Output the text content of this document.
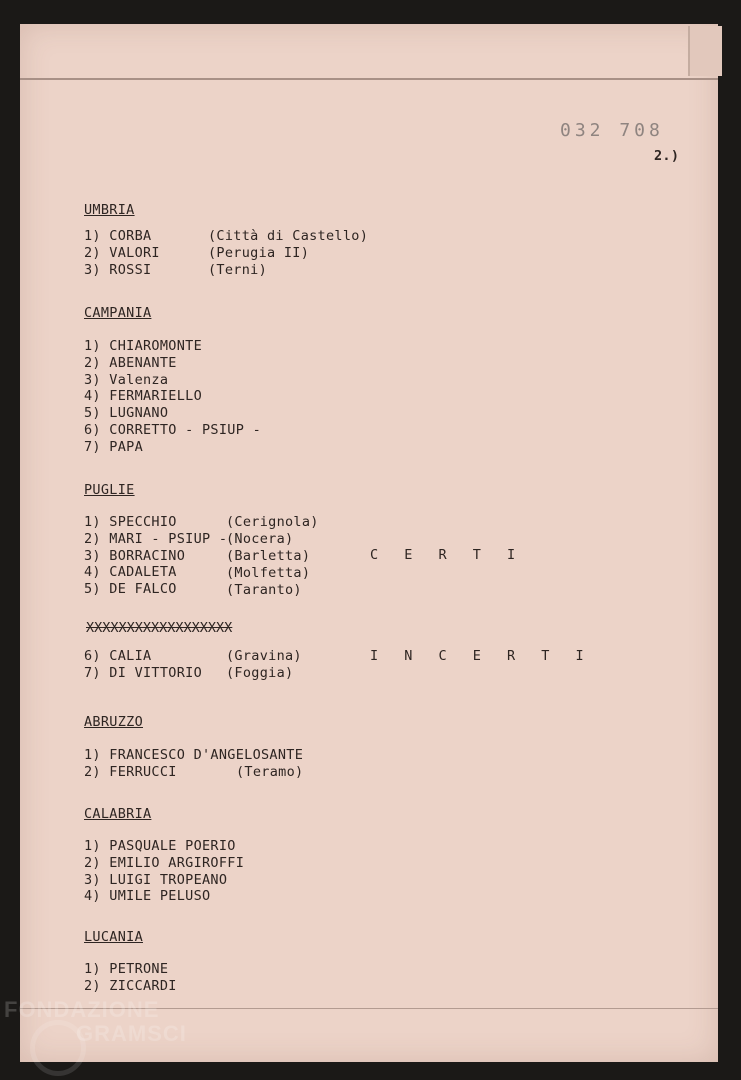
032 708
2.)
UMBRIA
1) CORBA
2) VALORI
3) ROSSI
(Città di Castello)
(Perugia II)
(Terni)
CAMPANIA
1) CHIAROMONTE
2) ABENANTE
3) Valenza
4) FERMARIELLO
5) LUGNANO
6) CORRETTO - PSIUP -
7) PAPA
PUGLIE
1) SPECCHIO
2) MARI - PSIUP -
3) BORRACINO
4) CADALETA
5) DE FALCO
(Cerignola)
(Nocera)
(Barletta)
(Molfetta)
(Taranto)
C E R T I
XXXXXXXXXXXXXXXXXX
6) CALIA
7) DI VITTORIO
(Gravina)
(Foggia)
I N C E R T I
ABRUZZO
1) FRANCESCO D'ANGELOSANTE
2) FERRUCCI	(Teramo)
CALABRIA
1) PASQUALE POERIO
2) EMILIO ARGIROFFI
3) LUIGI TROPEANO
4) UMILE PELUSO
LUCANIA
1) PETRONE
2) ZICCARDI
FONDAZIONE
GRAMSCI
